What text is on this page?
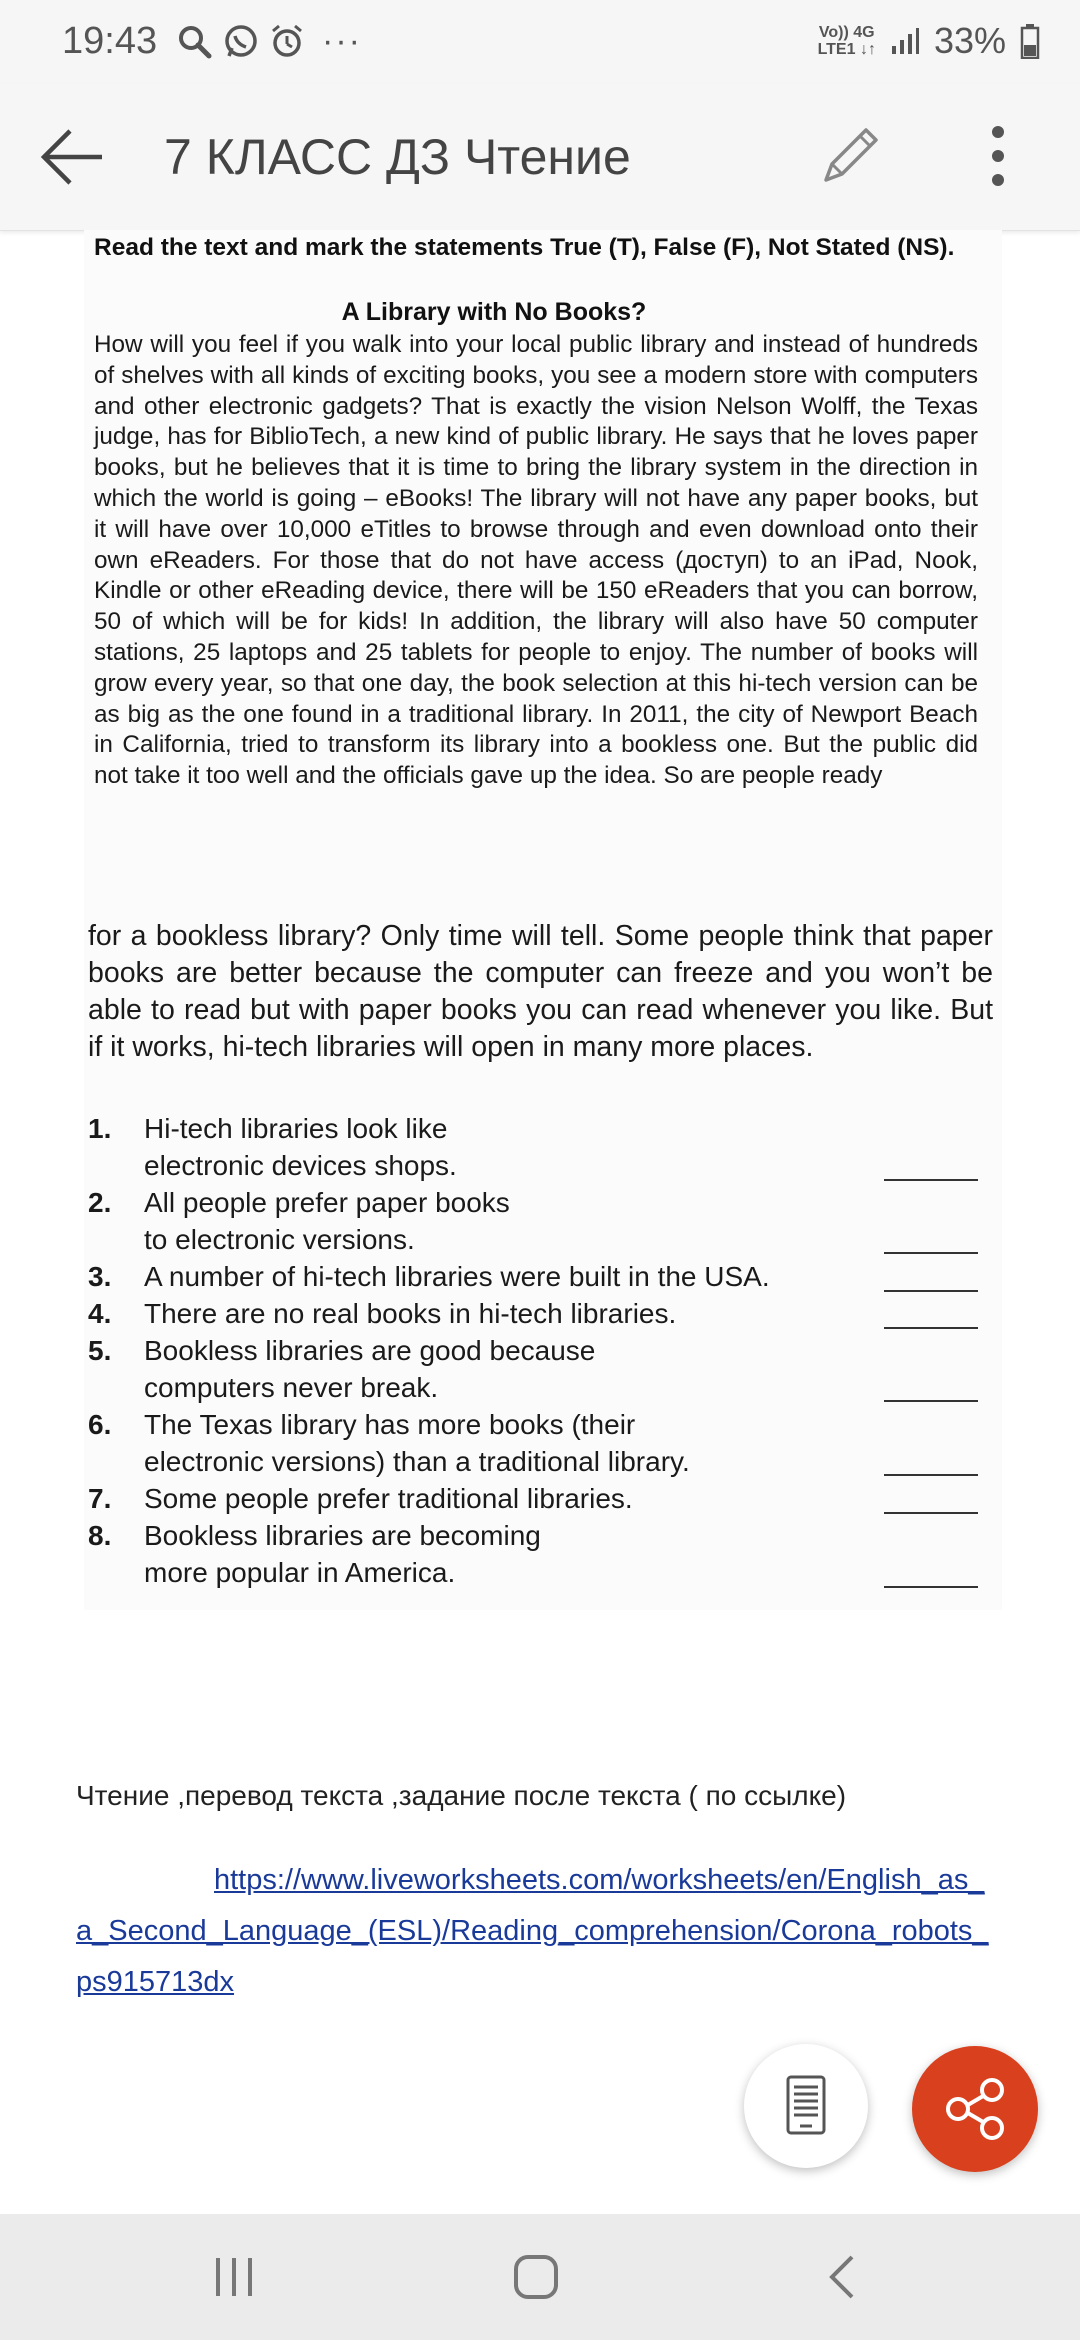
19:43	···	Vo)) 4G
LTE1 ↓↑ 33%
7 КЛАСС ДЗ Чтение
Read the text and mark the statements True (T), False (F), Not Stated (NS).
A Library with No Books?
How will you feel if you walk into your local public library and instead of hundreds of shelves with all kinds of exciting books, you see a modern store with computers and other electronic gadgets? That is exactly the vision Nelson Wolff, the Texas judge, has for BiblioTech, a new kind of public library. He says that he loves paper books, but he believes that it is time to bring the library system in the direction in which the world is going – eBooks! The library will not have any paper books, but it will have over 10,000 eTitles to browse through and even download onto their own eReaders. For those that do not have access (доступ) to an iPad, Nook, Kindle or other eReading device, there will be 150 eReaders that you can borrow, 50 of which will be for kids! In addition, the library will also have 50 computer stations, 25 laptops and 25 tablets for people to enjoy. The number of books will grow every year, so that one day, the book selection at this hi-tech version can be as big as the one found in a traditional library. In 2011, the city of Newport Beach in California, tried to transform its library into a bookless one. But the public did not take it too well and the officials gave up the idea. So are people ready
for a bookless library? Only time will tell. Some people think that paper books are better because the computer can freeze and you won’t be able to read but with paper books you can read whenever you like. But if it works, hi-tech libraries will open in many more places.
1. Hi-tech libraries look like
electronic devices shops.
2. All people prefer paper books
to electronic versions.
3. A number of hi-tech libraries were built in the USA.
4. There are no real books in hi-tech libraries.
5. Bookless libraries are good because
computers never break.
6. The Texas library has more books (their
electronic versions) than a traditional library.
7. Some people prefer traditional libraries.
8. Bookless libraries are becoming
more popular in America.
Чтение ,перевод текста ,задание после текста ( по ссылке)
https://www.liveworksheets.com/worksheets/en/English_as_a_Second_Language_(ESL)/Reading_comprehension/Corona_robots_ps915713dx
